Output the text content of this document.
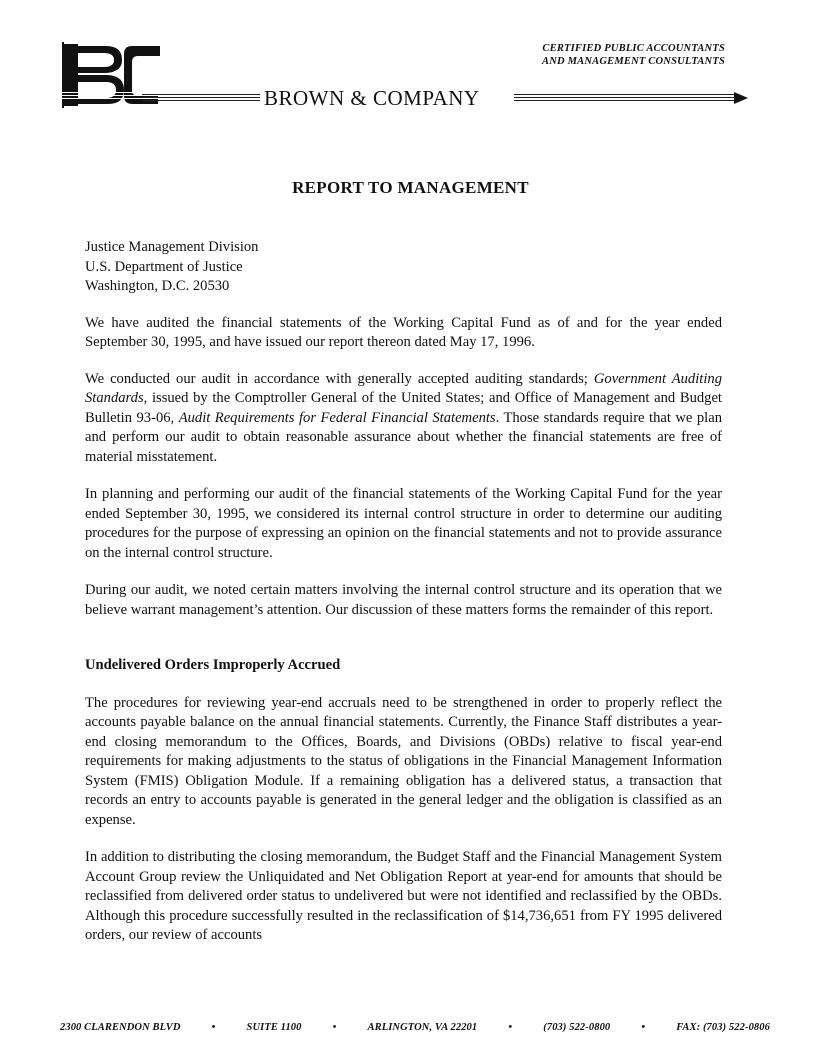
CERTIFIED PUBLIC ACCOUNTANTS
AND MANAGEMENT CONSULTANTS
BROWN & COMPANY
REPORT TO MANAGEMENT

Justice Management Division

U.S. Department of Justice

Washington, D.C. 20530

We have audited the financial statements of the Working Capital Fund as of and for the year ended September 30, 1995, and have issued our report thereon dated May 17, 1996.

We conducted our audit in accordance with generally accepted auditing standards; Government Auditing Standards, issued by the Comptroller General of the United States; and Office of Management and Budget Bulletin 93-06, Audit Requirements for Federal Financial Statements. Those standards require that we plan and perform our audit to obtain reasonable assurance about whether the financial statements are free of material misstatement.

In planning and performing our audit of the financial statements of the Working Capital Fund for the year ended September 30, 1995, we considered its internal control structure in order to determine our auditing procedures for the purpose of expressing an opinion on the financial statements and not to provide assurance on the internal control structure.

During our audit, we noted certain matters involving the internal control structure and its operation that we believe warrant management’s attention. Our discussion of these matters forms the remainder of this report.

Undelivered Orders Improperly Accrued

The procedures for reviewing year-end accruals need to be strengthened in order to properly reflect the accounts payable balance on the annual financial statements. Currently, the Finance Staff distributes a year-end closing memorandum to the Offices, Boards, and Divisions (OBDs) relative to fiscal year-end requirements for making adjustments to the status of obligations in the Financial Management Information System (FMIS) Obligation Module. If a remaining obligation has a delivered status, a transaction that records an entry to accounts payable is generated in the general ledger and the obligation is classified as an expense.

In addition to distributing the closing memorandum, the Budget Staff and the Financial Management System Account Group review the Unliquidated and Net Obligation Report at year-end for amounts that should be reclassified from delivered order status to undelivered but were not identified and reclassified by the OBDs. Although this procedure successfully resulted in the reclassification of $14,736,651 from FY 1995 delivered orders, our review of accounts

2300 CLARENDON BLVD	•	SUITE 1100	•	ARLINGTON, VA 22201	•	(703) 522-0800	•	FAX: (703) 522-0806
